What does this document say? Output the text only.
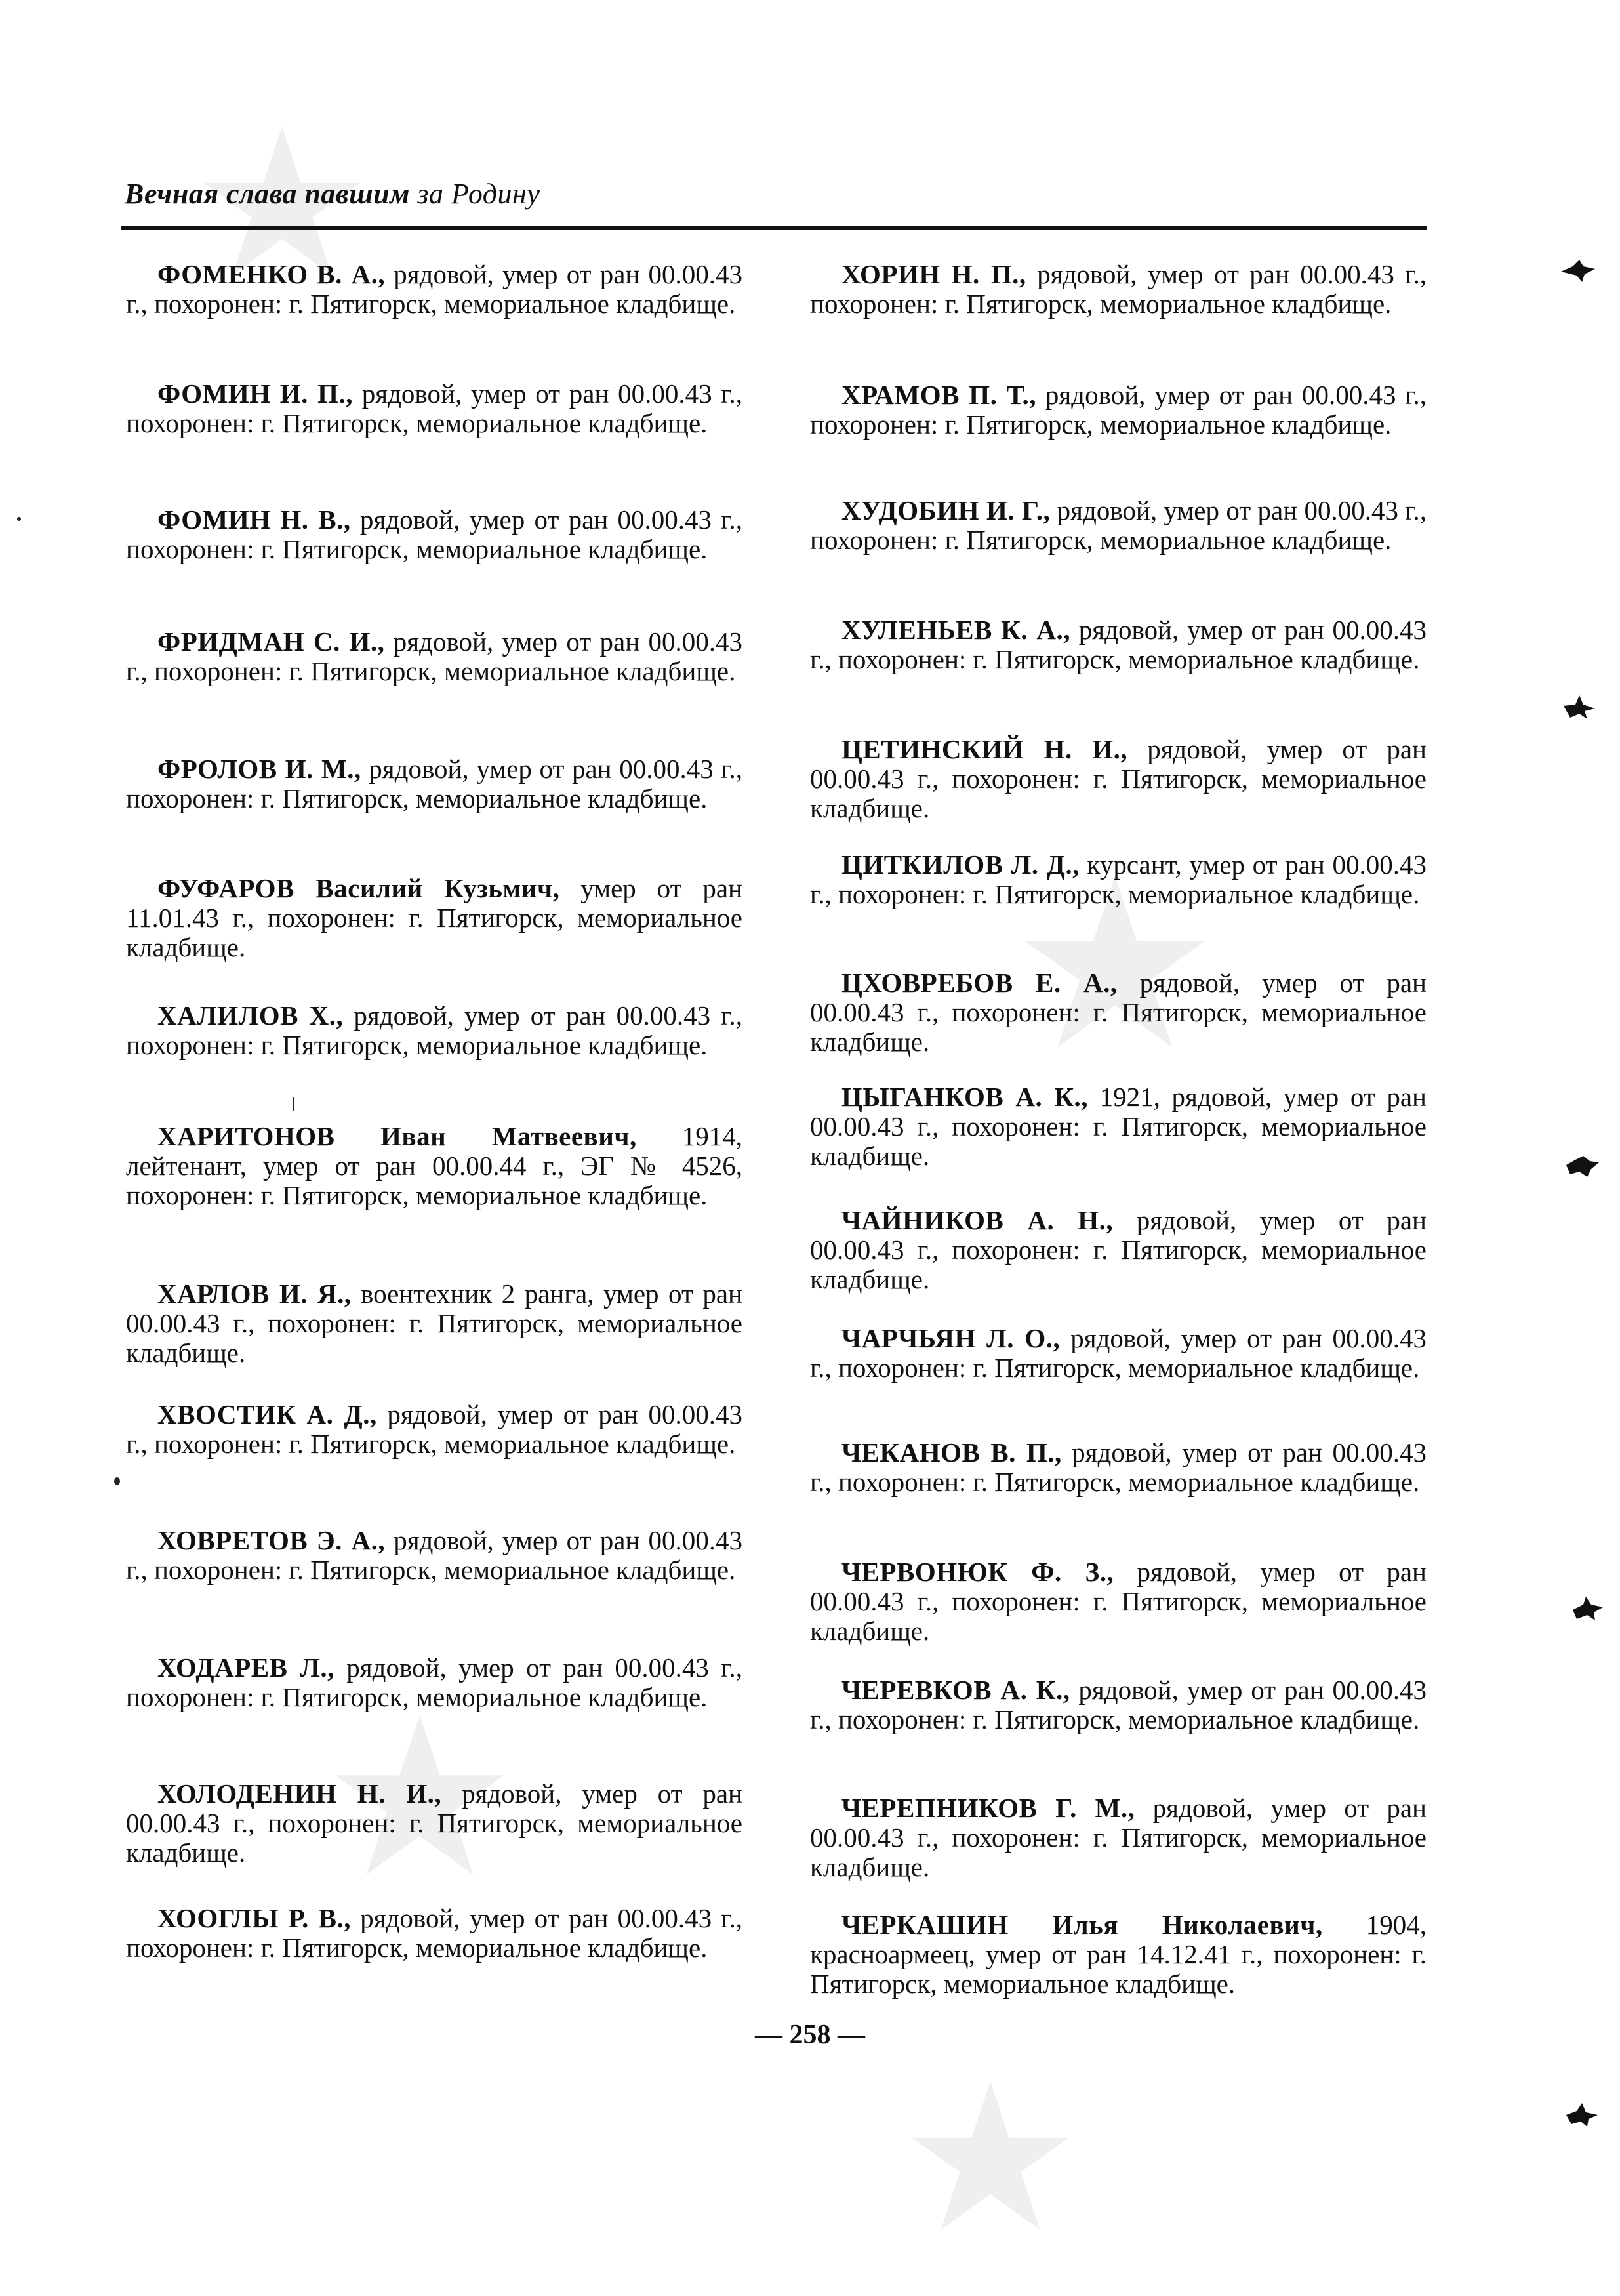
Вечная слава павшим за Родину

ФОМЕНКО В. А., рядовой, умер от ран 00.00.43 г., похоронен: г. Пятигорск, мемориальное кладбище.

ФОМИН И. П., рядовой, умер от ран 00.00.43 г., похоронен: г. Пятигорск, мемориальное кладбище.

ФОМИН Н. В., рядовой, умер от ран 00.00.43 г., похоронен: г. Пятигорск, мемориальное кладбище.

ФРИДМАН С. И., рядовой, умер от ран 00.00.43 г., похоронен: г. Пятигорск, мемориальное кладбище.

ФРОЛОВ И. М., рядовой, умер от ран 00.00.43 г., похоронен: г. Пятигорск, мемориальное кладбище.

ФУФАРОВ Василий Кузьмич, умер от ран 11.01.43 г., похоронен: г. Пятигорск, мемориальное кладбище.

ХАЛИЛОВ Х., рядовой, умер от ран 00.00.43 г., похоронен: г. Пятигорск, мемориальное кладбище.

ХАРИТОНОВ Иван Матвеевич, 1914, лейтенант, умер от ран 00.00.44 г., ЭГ № 4526, похоронен: г. Пятигорск, мемориальное кладбище.

ХАРЛОВ И. Я., воентехник 2 ранга, умер от ран 00.00.43 г., похоронен: г. Пятигорск, мемориальное кладбище.

ХВОСТИК А. Д., рядовой, умер от ран 00.00.43 г., похоронен: г. Пятигорск, мемориальное кладбище.

ХОВРЕТОВ Э. А., рядовой, умер от ран 00.00.43 г., похоронен: г. Пятигорск, мемориальное кладбище.

ХОДАРЕВ Л., рядовой, умер от ран 00.00.43 г., похоронен: г. Пятигорск, мемориальное кладбище.

ХОЛОДЕНИН Н. И., рядовой, умер от ран 00.00.43 г., похоронен: г. Пятигорск, мемориальное кладбище.

ХООГЛЫ Р. В., рядовой, умер от ран 00.00.43 г., похоронен: г. Пятигорск, мемориальное кладбище.

ХОРИН Н. П., рядовой, умер от ран 00.00.43 г., похоронен: г. Пятигорск, мемориальное кладбище.

ХРАМОВ П. Т., рядовой, умер от ран 00.00.43 г., похоронен: г. Пятигорск, мемориальное кладбище.

ХУДОБИН И. Г., рядовой, умер от ран 00.00.43 г., похоронен: г. Пятигорск, мемориальное кладбище.

ХУЛЕНЬЕВ К. А., рядовой, умер от ран 00.00.43 г., похоронен: г. Пятигорск, мемориальное кладбище.

ЦЕТИНСКИЙ Н. И., рядовой, умер от ран 00.00.43 г., похоронен: г. Пятигорск, мемориальное кладбище.

ЦИТКИЛОВ Л. Д., курсант, умер от ран 00.00.43 г., похоронен: г. Пятигорск, мемориальное кладбище.

ЦХОВРЕБОВ Е. А., рядовой, умер от ран 00.00.43 г., похоронен: г. Пятигорск, мемориальное кладбище.

ЦЫГАНКОВ А. К., 1921, рядовой, умер от ран 00.00.43 г., похоронен: г. Пятигорск, мемориальное кладбище.

ЧАЙНИКОВ А. Н., рядовой, умер от ран 00.00.43 г., похоронен: г. Пятигорск, мемориальное кладбище.

ЧАРЧЬЯН Л. О., рядовой, умер от ран 00.00.43 г., похоронен: г. Пятигорск, мемориальное кладбище.

ЧЕКАНОВ В. П., рядовой, умер от ран 00.00.43 г., похоронен: г. Пятигорск, мемориальное кладбище.

ЧЕРВОНЮК Ф. З., рядовой, умер от ран 00.00.43 г., похоронен: г. Пятигорск, мемориальное кладбище.

ЧЕРЕВКОВ А. К., рядовой, умер от ран 00.00.43 г., похоронен: г. Пятигорск, мемориальное кладбище.

ЧЕРЕПНИКОВ Г. М., рядовой, умер от ран 00.00.43 г., похоронен: г. Пятигорск, мемориальное кладбище.

ЧЕРКАШИН Илья Николаевич, 1904, красноармеец, умер от ран 14.12.41 г., похоронен: г. Пятигорск, мемориальное кладбище.

— 258 —
